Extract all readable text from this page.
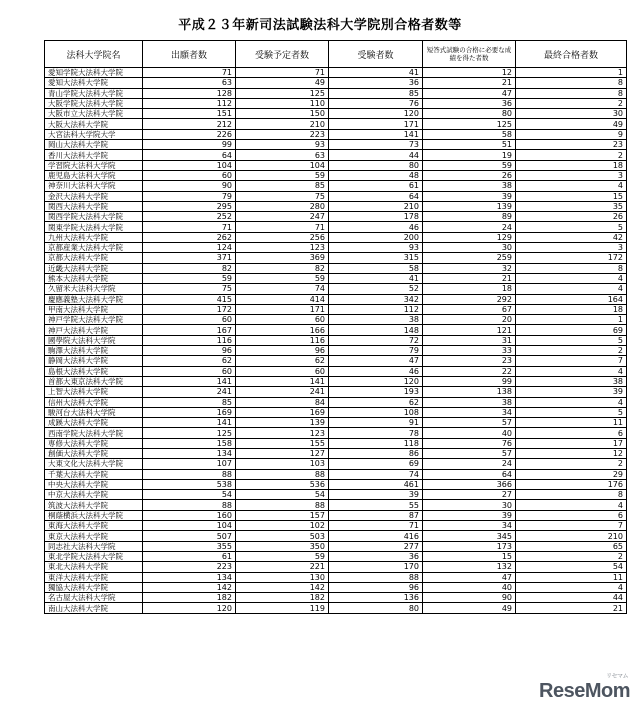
平成２３年新司法試験法科大学院別合格者数等
法科大学院名	出願者数	受験予定者数	受験者数	短答式試験の合格に必要な成績を得た者数	最終合格者数
愛知学院大法科大学院	71	71	41	12	1
愛知大法科大学院	63	49	36	21	8
青山学院大法科大学院	128	125	85	47	8
大阪学院大法科大学院	112	110	76	36	2
大阪市立大法科大学院	151	150	120	80	30
大阪大法科大学院	212	210	171	125	49
大宮法科大学院大学	226	223	141	58	9
岡山大法科大学院	99	93	73	51	23
香川大法科大学院	64	63	44	19	2
学習院大法科大学院	104	104	80	59	18
鹿児島大法科大学院	60	59	48	26	3
神奈川大法科大学院	90	85	61	38	4
金沢大法科大学院	79	75	64	39	15
関西大法科大学院	295	280	210	139	35
関西学院大法科大学院	252	247	178	89	26
関東学院大法科大学院	71	71	46	24	5
九州大法科大学院	262	256	200	129	42
京都産業大法科大学院	124	123	93	30	3
京都大法科大学院	371	369	315	259	172
近畿大法科大学院	82	82	58	32	8
熊本大法科大学院	59	59	41	21	4
久留米大法科大学院	75	74	52	18	4
慶應義塾大法科大学院	415	414	342	292	164
甲南大法科大学院	172	171	112	67	18
神戸学院大法科大学院	60	60	38	20	1
神戸大法科大学院	167	166	148	121	69
國學院大法科大学院	116	116	72	31	5
駒澤大法科大学院	96	96	79	33	2
静岡大法科大学院	62	62	47	23	7
島根大法科大学院	60	60	46	22	4
首都大東京法科大学院	141	141	120	99	38
上智大法科大学院	241	241	193	138	39
信州大法科大学院	85	84	62	38	4
駿河台大法科大学院	169	169	108	34	5
成蹊大法科大学院	141	139	91	57	11
西南学院大法科大学院	125	123	78	40	6
専修大法科大学院	158	155	118	76	17
創価大法科大学院	134	127	86	57	12
大東文化大法科大学院	107	103	69	24	2
千葉大法科大学院	88	88	74	64	29
中央大法科大学院	538	536	461	366	176
中京大法科大学院	54	54	39	27	8
筑波大法科大学院	88	88	55	30	4
桐蔭横浜大法科大学院	160	157	87	39	6
東海大法科大学院	104	102	71	34	7
東京大法科大学院	507	503	416	345	210
同志社大法科大学院	355	350	277	173	65
東北学院大法科大学院	61	59	36	15	2
東北大法科大学院	223	221	170	132	54
東洋大法科大学院	134	130	88	47	11
獨協大法科大学院	142	142	96	40	4
名古屋大法科大学院	182	182	136	90	44
南山大法科大学院	120	119	80	49	21
リセマム
ReseMom
